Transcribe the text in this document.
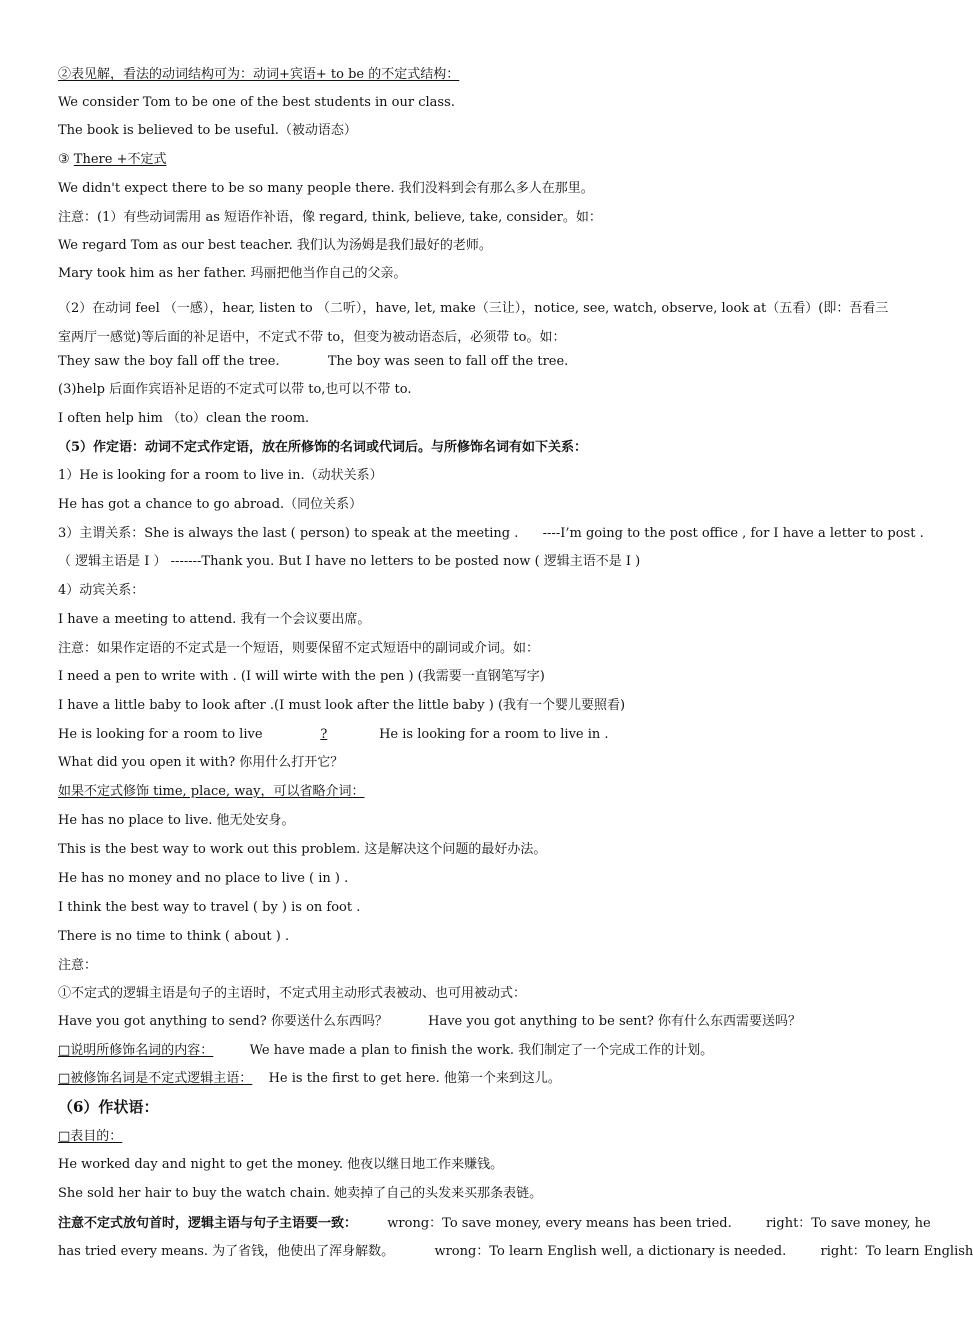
②表见解，看法的动词结构可为：动词+宾语+ to be 的不定式结构：
We consider Tom to be one of the best students in our class.
The book is believed to be useful.（被动语态）
③ There +不定式
We didn't expect there to be so many people there. 我们没料到会有那么多人在那里。
注意：(1）有些动词需用 as 短语作补语，像 regard, think, believe, take, consider。如：
We regard Tom as our best teacher. 我们认为汤姆是我们最好的老师。
Mary took him as her father. 玛丽把他当作自己的父亲。
（2）在动词 feel （一感），hear, listen to （二听），have, let, make（三让），notice, see, watch, observe, look at（五看）(即：吾看三室两厅一感觉)等后面的补足语中，不定式不带 to，但变为被动语态后，必须带 to。如：
They saw the boy fall off the tree.	The boy was seen to fall off the tree.
(3)help 后面作宾语补足语的不定式可以带 to,也可以不带 to.
I often help him （to）clean the room.
（5）作定语：动词不定式作定语，放在所修饰的名词或代词后。与所修饰名词有如下关系：
1）He is looking for a room to live in.（动状关系）
He has got a chance to go abroad.（同位关系）
3）主谓关系：She is always the last ( person) to speak at the meeting . ----I’m going to the post office , for I have a letter to post .
（ 逻辑主语是 I ） -------Thank you. But I have no letters to be posted now ( 逻辑主语不是 I )
4）动宾关系：
I have a meeting to attend. 我有一个会议要出席。
注意：如果作定语的不定式是一个短语，则要保留不定式短语中的副词或介词。如：
I need a pen to write with . (I will wirte with the pen ) (我需要一直钢笔写字)
I have a little baby to look after .(I must look after the little baby ) (我有一个婴儿要照看)
He is looking for a room to live	?	He is looking for a room to live in .
What did you open it with? 你用什么打开它？
如果不定式修饰 time, place, way，可以省略介词：
He has no place to live. 他无处安身。
This is the best way to work out this problem. 这是解决这个问题的最好办法。
He has no money and no place to live ( in ) .
I think the best way to travel ( by ) is on foot .
There is no time to think ( about ) .
注意：
①不定式的逻辑主语是句子的主语时，不定式用主动形式表被动、也可用被动式：
Have you got anything to send? 你要送什么东西吗？	Have you got anything to be sent? 你有什么东西需要送吗？
□说明所修饰名词的内容：	We have made a plan to finish the work. 我们制定了一个完成工作的计划。
□被修饰名词是不定式逻辑主语： He is the first to get here. 他第一个来到这儿。
（6）作状语：
□表目的：
He worked day and night to get the money. 他夜以继日地工作来赚钱。
She sold her hair to buy the watch chain. 她卖掉了自己的头发来买那条表链。
注意不定式放句首时，逻辑主语与句子主语要一致： wrong：To save money, every means has been tried.	right：To save money, he
has tried every means. 为了省钱，他使出了浑身解数。	wrong：To learn English well, a dictionary is needed.	right：To learn English
